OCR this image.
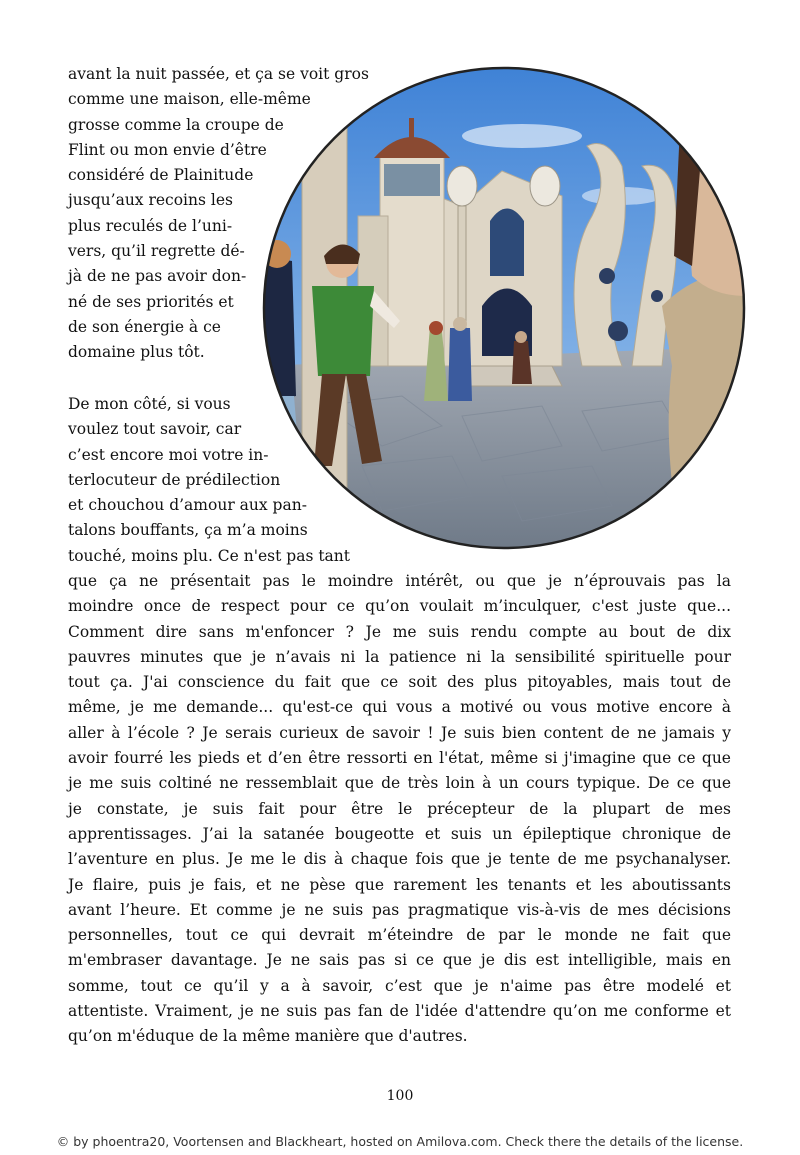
avant la nuit passée, et ça se voit gros
comme une maison, elle-même
grosse comme la croupe de
Flint ou mon envie d’être
considéré de Plainitude
jusqu’aux recoins les
plus reculés de l’uni-
vers, qu’il regrette dé-
jà de ne pas avoir don-
né de ses priorités et
de son énergie à ce
domaine plus tôt.
De mon côté, si vous
voulez tout savoir, car
c’est encore moi votre in-
terlocuteur de prédilection
et chouchou d’amour aux pan-
talons bouffants, ça m’a moins
touché, moins plu. Ce n'est pas tant
que ça ne présentait pas le moindre intérêt, ou que je n’éprouvais pas la
moindre once de respect pour ce qu’on voulait m’inculquer, c'est juste que...
Comment dire sans m'enfoncer ? Je me suis rendu compte au bout de dix
pauvres minutes que je n’avais ni la patience ni la sensibilité spirituelle pour
tout ça. J'ai conscience du fait que ce soit des plus pitoyables, mais tout de
même, je me demande... qu'est-ce qui vous a motivé ou vous motive encore à
aller à l’école ? Je serais curieux de savoir ! Je suis bien content de ne jamais y
avoir fourré les pieds et d’en être ressorti en l'état, même si j'imagine que ce que
je me suis coltiné ne ressemblait que de très loin à un cours typique. De ce que
je constate, je suis fait pour être le précepteur de la plupart de mes
apprentissages. J’ai la satanée bougeotte et suis un épileptique chronique de
l’aventure en plus. Je me le dis à chaque fois que je tente de me psychanalyser.
Je flaire, puis je fais, et ne pèse que rarement les tenants et les aboutissants
avant l’heure. Et comme je ne suis pas pragmatique vis-à-vis de mes décisions
personnelles, tout ce qui devrait m’éteindre de par le monde ne fait que
m'embraser davantage. Je ne sais pas si ce que je dis est intelligible, mais en
somme, tout ce qu’il y a à savoir, c’est que je n'aime pas être modelé et
attentiste. Vraiment, je ne suis pas fan de l'idée d'attendre qu’on me conforme et
qu’on m'éduque de la même manière que d'autres.
100
© by phoentra20, Voortensen and Blackheart, hosted on Amilova.com. Check there the details of the license.
